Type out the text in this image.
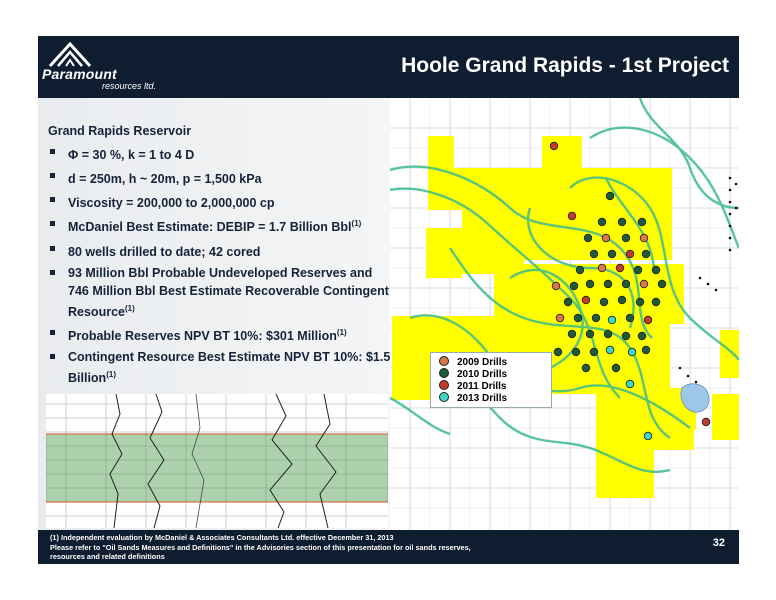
Paramount
resources ltd.
Hoole Grand Rapids - 1st Project
Grand Rapids Reservoir
Φ = 30 %, k = 1 to 4 D
d = 250m, h ~ 20m, p = 1,500 kPa
Viscosity = 200,000 to 2,000,000 cp
McDaniel Best Estimate: DEBIP = 1.7 Billion Bbl$^{(1)}$
80 wells drilled to date; 42 cored
93 Million Bbl Probable Undeveloped Reserves and 746 Million Bbl Best Estimate Recoverable Contingent Resource$^{(1)}$
Probable Reserves NPV BT 10%: $301 Million$^{(1)}$
Contingent Resource Best Estimate NPV BT 10%: $1.5 Billion$^{(1)}$
(1) Independent evaluation by McDaniel & Associates Consultants Ltd. effective December 31, 2013
Please refer to "Oil Sands Measures and Definitions" in the Advisories section of this presentation for oil sands reserves,
resources and related definitions
32
2009 Drills
2010 Drills
2011 Drills
2013 Drills
